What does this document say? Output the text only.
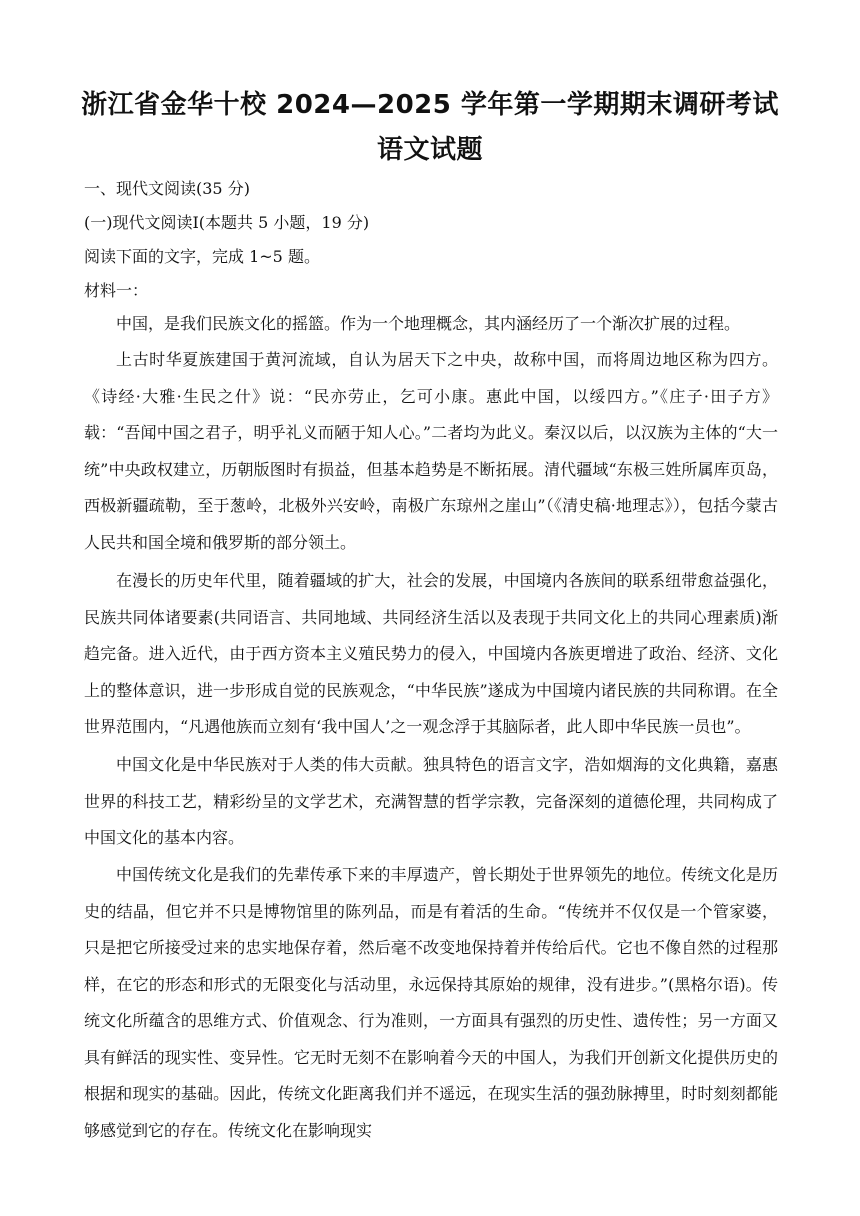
浙江省金华十校 2024—2025 学年第一学期期末调研考试
语文试题
一、现代文阅读(35 分)
(一)现代文阅读Ⅰ(本题共 5 小题，19 分)
阅读下面的文字，完成 1~5 题。
材料一：

中国，是我们民族文化的摇篮。作为一个地理概念，其内涵经历了一个渐次扩展的过程。

上古时华夏族建国于黄河流域，自认为居天下之中央，故称中国，而将周边地区称为四方。《诗经·大雅·生民之什》说：“民亦劳止，乞可小康。惠此中国，以绥四方。”《庄子·田子方》载：“吾闻中国之君子，明乎礼义而陋于知人心。”二者均为此义。秦汉以后，以汉族为主体的“大一统”中央政权建立，历朝版图时有损益，但基本趋势是不断拓展。清代疆域“东极三姓所属库页岛，西极新疆疏勒，至于葱岭，北极外兴安岭，南极广东琼州之崖山”（《清史稿·地理志》），包括今蒙古人民共和国全境和俄罗斯的部分领土。

在漫长的历史年代里，随着疆域的扩大，社会的发展，中国境内各族间的联系纽带愈益强化，民族共同体诸要素(共同语言、共同地域、共同经济生活以及表现于共同文化上的共同心理素质)渐趋完备。进入近代，由于西方资本主义殖民势力的侵入，中国境内各族更增进了政治、经济、文化上的整体意识，进一步形成自觉的民族观念，“中华民族”遂成为中国境内诸民族的共同称谓。在全世界范围内，“凡遇他族而立刻有‘我中国人’之一观念浮于其脑际者，此人即中华民族一员也”。

中国文化是中华民族对于人类的伟大贡献。独具特色的语言文字，浩如烟海的文化典籍，嘉惠世界的科技工艺，精彩纷呈的文学艺术，充满智慧的哲学宗教，完备深刻的道德伦理，共同构成了中国文化的基本内容。

中国传统文化是我们的先辈传承下来的丰厚遗产，曾长期处于世界领先的地位。传统文化是历史的结晶，但它并不只是博物馆里的陈列品，而是有着活的生命。“传统并不仅仅是一个管家婆，只是把它所接受过来的忠实地保存着，然后毫不改变地保持着并传给后代。它也不像自然的过程那样，在它的形态和形式的无限变化与活动里，永远保持其原始的规律，没有进步。”(黑格尔语)。传统文化所蕴含的思维方式、价值观念、行为准则，一方面具有强烈的历史性、遗传性；另一方面又具有鲜活的现实性、变异性。它无时无刻不在影响着今天的中国人，为我们开创新文化提供历史的根据和现实的基础。因此，传统文化距离我们并不遥远，在现实生活的强劲脉搏里，时时刻刻都能够感觉到它的存在。传统文化在影响现实
